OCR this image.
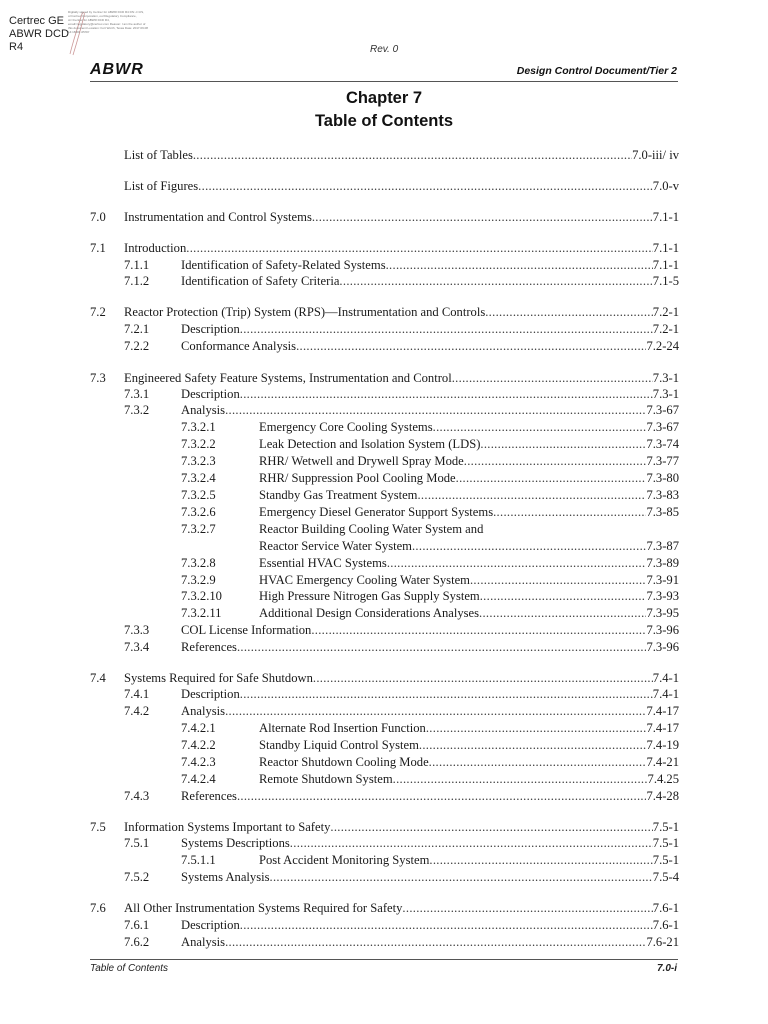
Certrec GE
ABWR DCD
R4
Digitally signed by Certrec for ABWR DCD R4 DN: c=US, o=Certrec Corporation, ou=Regulatory Compliance, cn=Certrec for ABWR DCD R4, email=regulatory@certrec.com Reason: I am the author of this document Location: Fort Worth, Texas Date: 2017.09.08 14:18:00 -05'00'
Rev. 0
ABWR	Design Control Document/Tier 2
Chapter 7
Table of Contents
List of Tables .....	7.0-iii/ iv
List of Figures .....	7.0-v
7.0 Instrumentation and Control Systems .....	7.1-1
7.1 Introduction .....	7.1-1
7.1.1	Identification of Safety-Related Systems .....	7.1-1
7.1.2	Identification of Safety Criteria .....	7.1-5
7.2 Reactor Protection (Trip) System (RPS)—Instrumentation and Controls .....	7.2-1
7.2.1	Description .....	7.2-1
7.2.2	Conformance Analysis .....	7.2-24
7.3 Engineered Safety Feature Systems, Instrumentation and Control .....	7.3-1
7.3.1	Description .....	7.3-1
7.3.2	Analysis .....	7.3-67
7.3.2.1	Emergency Core Cooling Systems .....	7.3-67
7.3.2.2	Leak Detection and Isolation System (LDS) .....	7.3-74
7.3.2.3	RHR/ Wetwell and Drywell Spray Mode .....	7.3-77
7.3.2.4	RHR/ Suppression Pool Cooling Mode .....	7.3-80
7.3.2.5	Standby Gas Treatment System .....	7.3-83
7.3.2.6	Emergency Diesel Generator Support Systems .....	7.3-85
7.3.2.7	Reactor Building Cooling Water System and
Reactor Service Water System .....	7.3-87
7.3.2.8	Essential HVAC Systems .....	7.3-89
7.3.2.9	HVAC Emergency Cooling Water System .....	7.3-91
7.3.2.10	High Pressure Nitrogen Gas Supply System .....	7.3-93
7.3.2.11	Additional Design Considerations Analyses .....	7.3-95
7.3.3	COL License Information .....	7.3-96
7.3.4	References .....	7.3-96
7.4 Systems Required for Safe Shutdown .....	7.4-1
7.4.1	Description .....	7.4-1
7.4.2	Analysis .....	7.4-17
7.4.2.1	Alternate Rod Insertion Function .....	7.4-17
7.4.2.2	Standby Liquid Control System .....	7.4-19
7.4.2.3	Reactor Shutdown Cooling Mode .....	7.4-21
7.4.2.4	Remote Shutdown System .....	7.4.25
7.4.3	References .....	7.4-28
7.5 Information Systems Important to Safety .....	7.5-1
7.5.1	Systems Descriptions .....	7.5-1
7.5.1.1	Post Accident Monitoring System .....	7.5-1
7.5.2	Systems Analysis .....	7.5-4
7.6 All Other Instrumentation Systems Required for Safety .....	7.6-1
7.6.1	Description .....	7.6-1
7.6.2	Analysis .....	7.6-21
Table of Contents	7.0-i
